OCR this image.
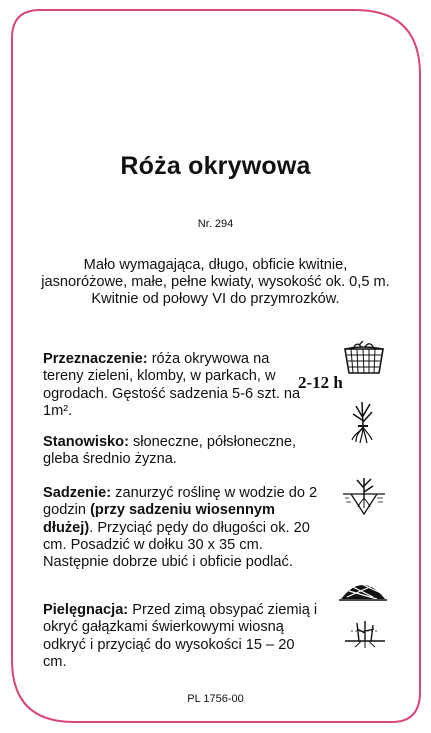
Róża okrywowa
Nr. 294

Mało wymagająca, długo, obficie kwitnie, jasnoróżowe, małe, pełne kwiaty, wysokość ok. 0,5 m. Kwitnie od połowy VI do przymrozków.

Przeznaczenie: róża okrywowa na tereny zieleni, klomby, w parkach, w ogrodach. Gęstość sadzenia 5-6 szt. na 1m².

Stanowisko: słoneczne, półsłoneczne, gleba średnio żyzna.

Sadzenie: zanurzyć roślinę w wodzie do 2 godzin (przy sadzeniu wiosennym dłużej). Przyciąć pędy do długości ok. 20 cm. Posadzić w dołku 30 x 35 cm. Następnie dobrze ubić i obficie podlać.

Pielęgnacja: Przed zimą obsypać ziemią i okryć gałązkami świerkowymi wiosną odkryć i przyciąć do wysokości 15 – 20 cm.

2-12 h
PL 1756-00
